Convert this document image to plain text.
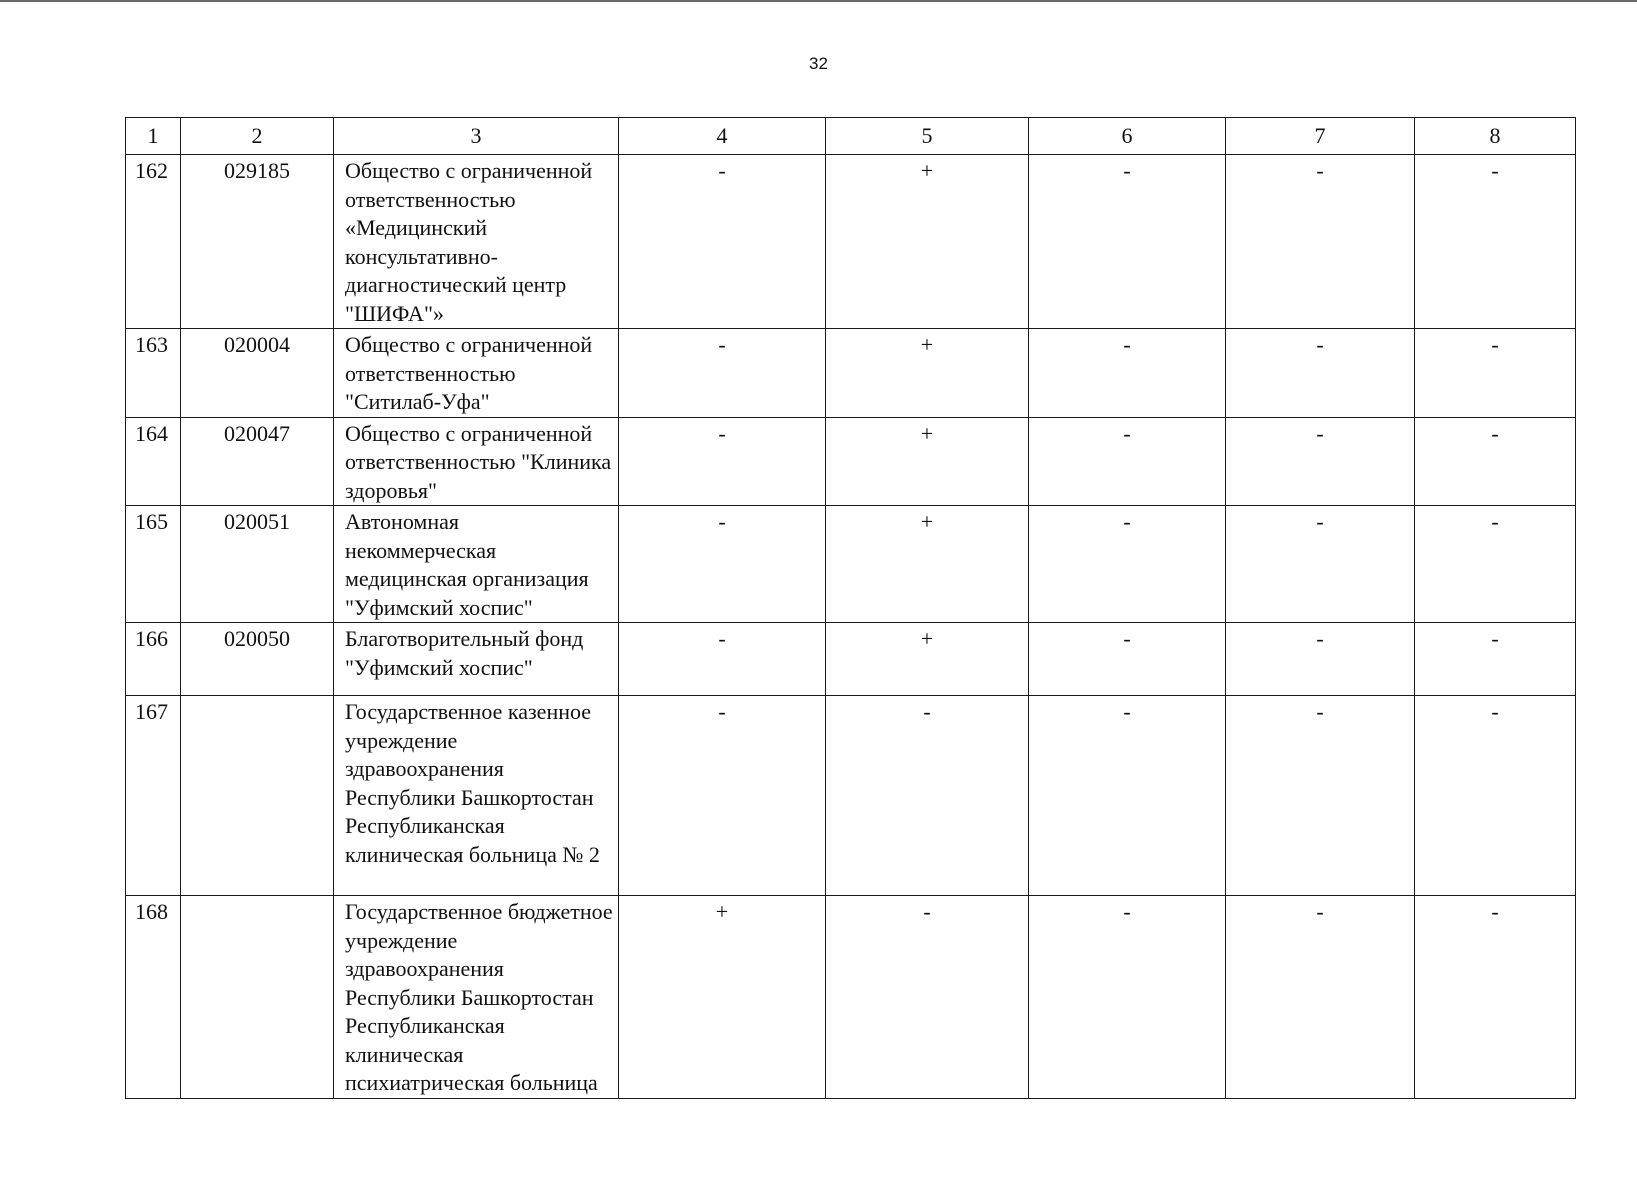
32
1	2	3	4	5	6	7	8
162	029185	Общество с ограниченной ответственностью «Медицинский консультативно-диагностический центр "ШИФА"»	-	+	-	-	-
163	020004	Общество с ограниченной ответственностью "Ситилаб-Уфа"	-	+	-	-	-
164	020047	Общество с ограниченной ответственностью "Клиника здоровья"	-	+	-	-	-
165	020051	Автономная некоммерческая медицинская организация "Уфимский хоспис"	-	+	-	-	-
166	020050	Благотворительный фонд "Уфимский хоспис"	-	+	-	-	-
167		Государственное казенное учреждение здравоохранения Республики Башкортостан Республиканская клиническая больница № 2	-	-	-	-	-
168		Государственное бюджетное учреждение здравоохранения Республики Башкортостан Республиканская клиническая психиатрическая больница	+	-	-	-	-
